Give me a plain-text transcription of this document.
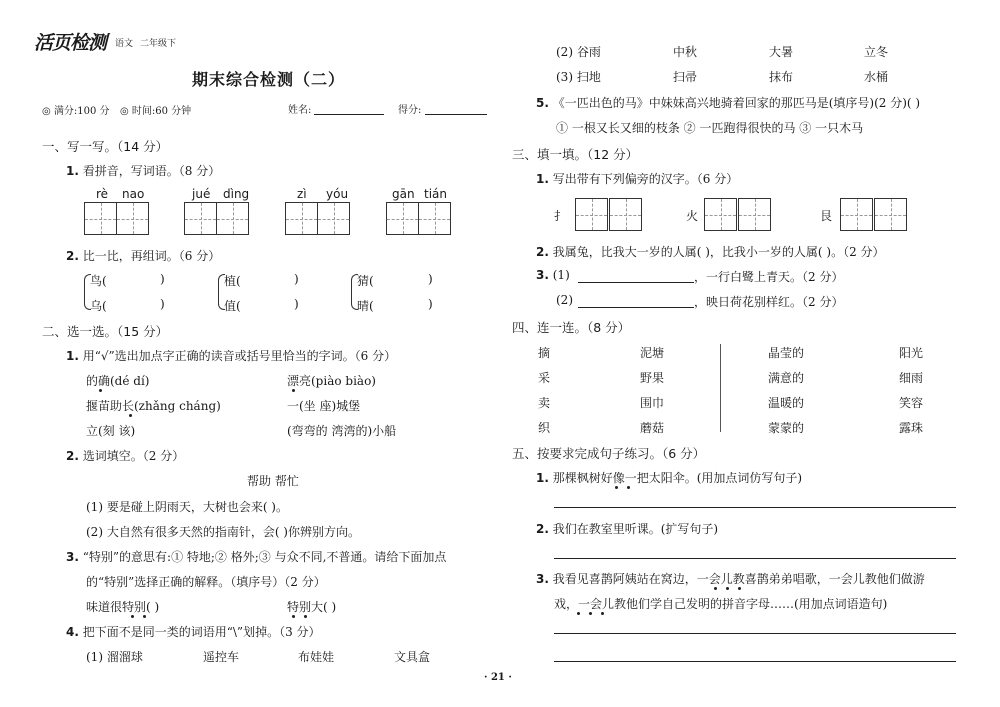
活页检测 语文 二年级下
期末综合检测（二）
◎ 满分:100 分 ◎ 时间:60 分钟	姓名:	得分:
一、写一写。（14 分）
1. 看拼音，写词语。（8 分）
rè nao	jué dìng	zì yóu	gān tián
2. 比一比，再组词。（6 分）
鸟(	)
乌(	)
植(	)
值(	)
猜(	)
晴(	)
二、选一选。（15 分）
1. 用“√”选出加点字正确的读音或括号里恰当的字词。（6 分）
的确(dé dí)	漂亮(piào biào)
揠苗助长(zhǎng cháng)	一(坐 座)城堡
立(刻 该)	(弯弯的 湾湾的)小船
2. 选词填空。（2 分）
帮助 帮忙
(1) 要是碰上阴雨天，大树也会来( )。
(2) 大自然有很多天然的指南针，会( )你辨别方向。
3. “特别”的意思有:① 特地;② 格外;③ 与众不同,不普通。请给下面加点
的“特别”选择正确的解释。（填序号）（2 分）
味道很特别( )	特别大( )
4. 把下面不是同一类的词语用“\”划掉。（3 分）
(1) 溜溜球	遥控车	布娃娃	文具盒
(2) 谷雨	中秋	大暑	立冬
(3) 扫地	扫帚	抹布	水桶
5. 《一匹出色的马》中妹妹高兴地骑着回家的那匹马是(填序号)(2 分)( )
① 一根又长又细的枝条 ② 一匹跑得很快的马 ③ 一只木马
三、填一填。（12 分）
1. 写出带有下列偏旁的汉字。（6 分）
扌	火	艮
2. 我属兔，比我大一岁的人属( )，比我小一岁的人属( )。（2 分）
3. (1)	，一行白鹭上青天。（2 分）
(2)	，映日荷花别样红。（2 分）
四、连一连。（8 分）
摘	泥塘
采	野果
卖	围巾
织	蘑菇
晶莹的	阳光
满意的	细雨
温暖的	笑容
蒙蒙的	露珠
五、按要求完成句子练习。（6 分）
1. 那棵枫树好像一把太阳伞。(用加点词仿写句子)
2. 我们在教室里听课。(扩写句子)
3. 我看见喜鹊阿姨站在窝边，一会儿教喜鹊弟弟唱歌，一会儿教他们做游
戏，一会儿教他们学自己发明的拼音字母……(用加点词语造句)
· 21 ·
